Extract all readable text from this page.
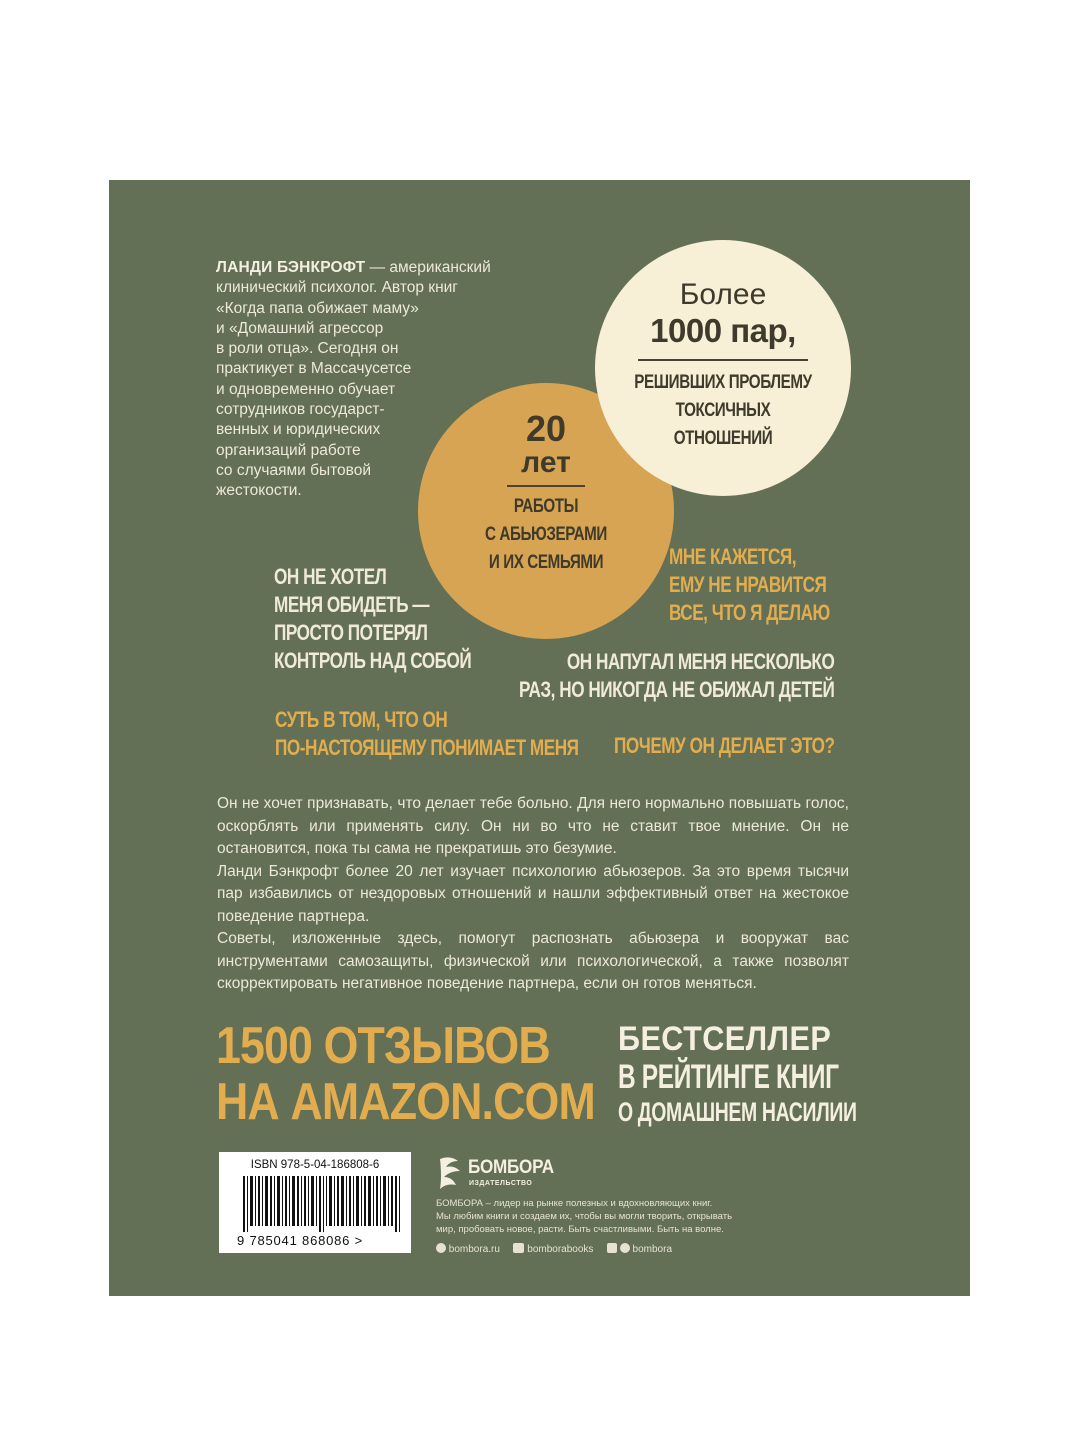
ЛАНДИ БЭНКРОФТ — американский
клинический психолог. Автор книг
«Когда папа обижает маму»
и «Домашний агрессор
в роли отца». Сегодня он
практикует в Массачусетсе
и одновременно обучает
сотрудников государст-
венных и юридических
организаций работе
со случаями бытовой
жестокости.
20
лет
РАБОТЫ
С АБЬЮЗЕРАМИ
И ИХ СЕМЬЯМИ
Более
1000 пар,
РЕШИВШИХ ПРОБЛЕМУ
ТОКСИЧНЫХ
ОТНОШЕНИЙ
ОН НЕ ХОТЕЛ
МЕНЯ ОБИДЕТЬ —
ПРОСТО ПОТЕРЯЛ
КОНТРОЛЬ НАД СОБОЙ
МНЕ КАЖЕТСЯ,
ЕМУ НЕ НРАВИТСЯ
ВСЕ, ЧТО Я ДЕЛАЮ
ОН НАПУГАЛ МЕНЯ НЕСКОЛЬКО
РАЗ, НО НИКОГДА НЕ ОБИЖАЛ ДЕТЕЙ
СУТЬ В ТОМ, ЧТО ОН
ПО-НАСТОЯЩЕМУ ПОНИМАЕТ МЕНЯ ПОЧЕМУ ОН ДЕЛАЕТ ЭТО?

Он не хочет признавать, что делает тебе больно. Для него нормально повышать голос, оскорблять или применять силу. Он ни во что не ставит твое мнение. Он не остановится, пока ты сама не прекратишь это безумие.

Ланди Бэнкрофт более 20 лет изучает психологию абьюзеров. За это время тысячи пар избавились от нездоровых отношений и нашли эффективный ответ на жестокое поведение партнера.

Советы, изложенные здесь, помогут распознать абьюзера и вооружат вас инструментами самозащиты, физической или психологической, а также позволят скорректировать негативное поведение партнера, если он готов меняться.

1500 ОТЗЫВОВ
НА AMAZON.COM
БЕСТСЕЛЛЕР
В РЕЙТИНГЕ КНИГ
О ДОМАШНЕМ НАСИЛИИ
ISBN 978-5-04-186808-6
9 785041 868086 >
БОМБОРА
ИЗДАТЕЛЬСТВО
БОМБОРА – лидер на рынке полезных и вдохновляющих книг.
Мы любим книги и создаем их, чтобы вы могли творить, открывать
мир, пробовать новое, расти. Быть счастливыми. Быть на волне.
bombora.ru	bomborabooks	bombora
